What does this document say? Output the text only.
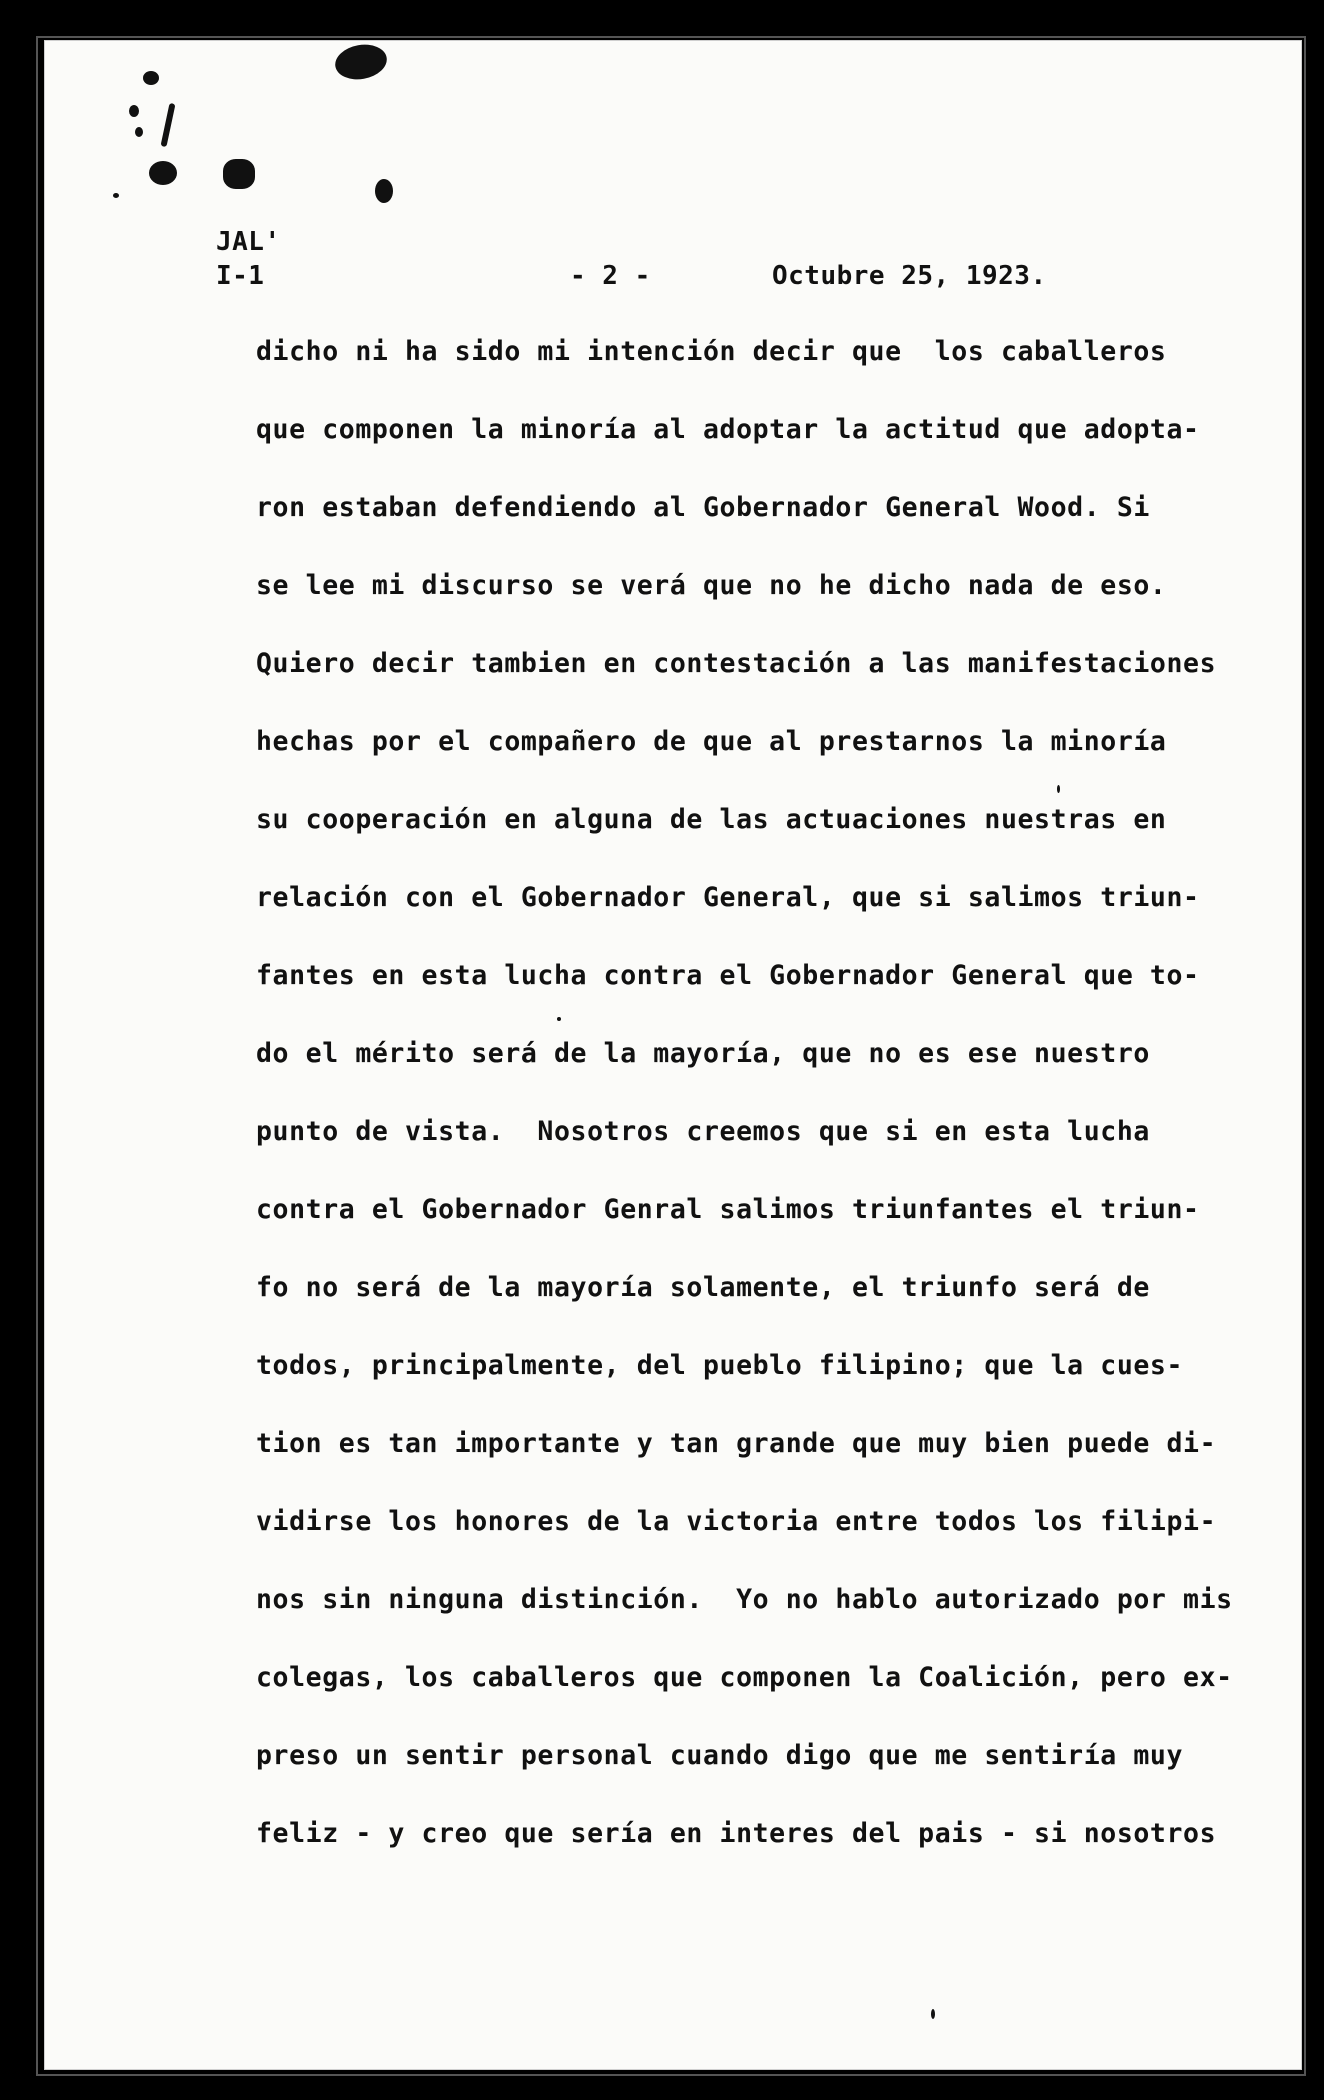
JAL'
I-1	- 2 -	Octubre 25, 1923.
dicho ni ha sido mi intención decir que  los caballeros
que componen la minoría al adoptar la actitud que adopta-
ron estaban defendiendo al Gobernador General Wood. Si
se lee mi discurso se verá que no he dicho nada de eso.
Quiero decir tambien en contestación a las manifestaciones
hechas por el compañero de que al prestarnos la minoría
su cooperación en alguna de las actuaciones nuestras en
relación con el Gobernador General, que si salimos triun-
fantes en esta lucha contra el Gobernador General que to-
do el mérito será de la mayoría, que no es ese nuestro
punto de vista.  Nosotros creemos que si en esta lucha
contra el Gobernador Genral salimos triunfantes el triun-
fo no será de la mayoría solamente, el triunfo será de
todos, principalmente, del pueblo filipino; que la cues-
tion es tan importante y tan grande que muy bien puede di-
vidirse los honores de la victoria entre todos los filipi-
nos sin ninguna distinción.  Yo no hablo autorizado por mis
colegas, los caballeros que componen la Coalición, pero ex-
preso un sentir personal cuando digo que me sentiría muy
feliz - y creo que sería en interes del pais - si nosotros
